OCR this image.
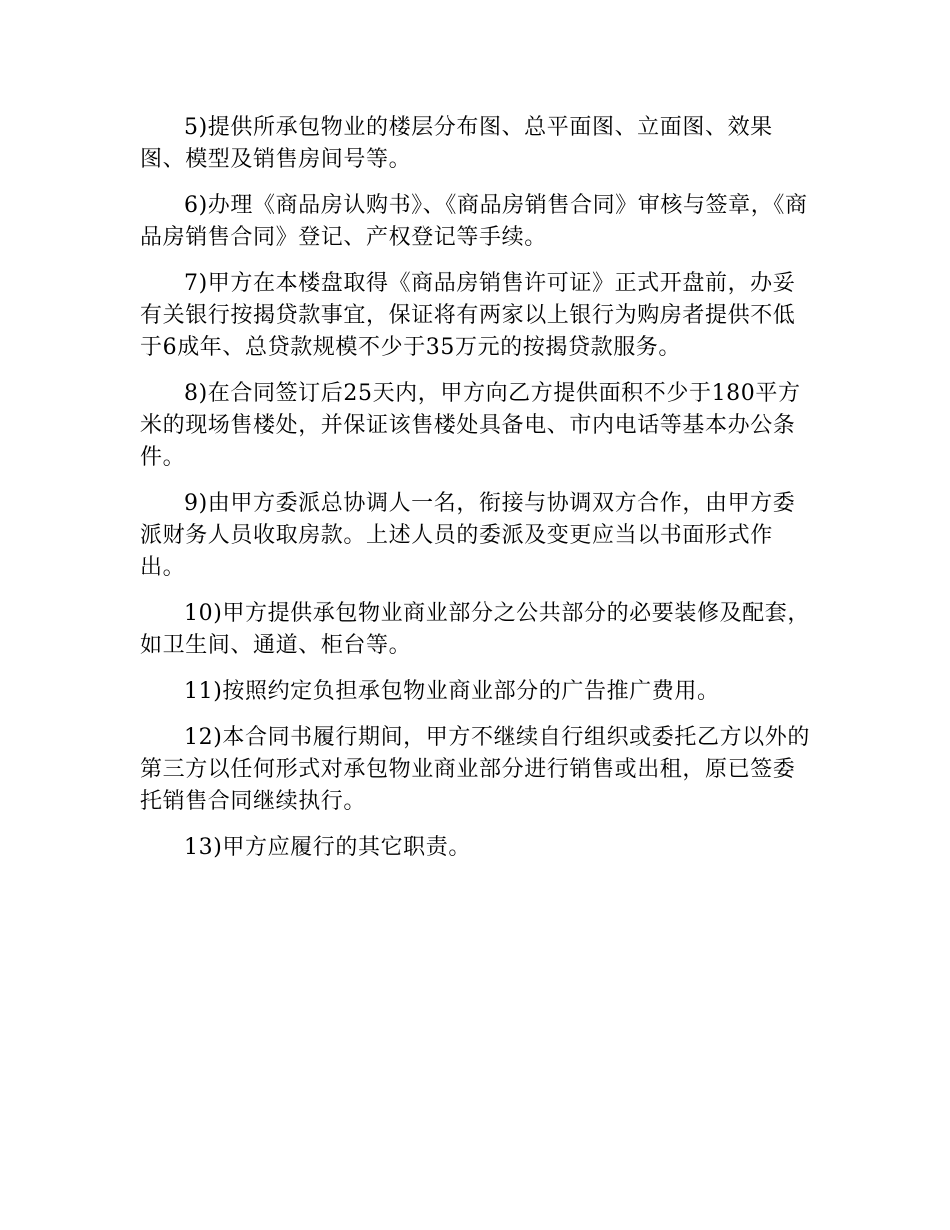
5)提供所承包物业的楼层分布图、总平面图、立面图、效果图、模型及销售房间号等。

6)办理《商品房认购书》、《商品房销售合同》审核与签章，《商品房销售合同》登记、产权登记等手续。

7)甲方在本楼盘取得《商品房销售许可证》正式开盘前，办妥有关银行按揭贷款事宜，保证将有两家以上银行为购房者提供不低于6成年、总贷款规模不少于35万元的按揭贷款服务。

8)在合同签订后25天内，甲方向乙方提供面积不少于180平方米的现场售楼处，并保证该售楼处具备电、市内电话等基本办公条件。

9)由甲方委派总协调人一名，衔接与协调双方合作，由甲方委派财务人员收取房款。上述人员的委派及变更应当以书面形式作出。

10)甲方提供承包物业商业部分之公共部分的必要装修及配套，如卫生间、通道、柜台等。

11)按照约定负担承包物业商业部分的广告推广费用。

12)本合同书履行期间，甲方不继续自行组织或委托乙方以外的第三方以任何形式对承包物业商业部分进行销售或出租，原已签委托销售合同继续执行。

13)甲方应履行的其它职责。
